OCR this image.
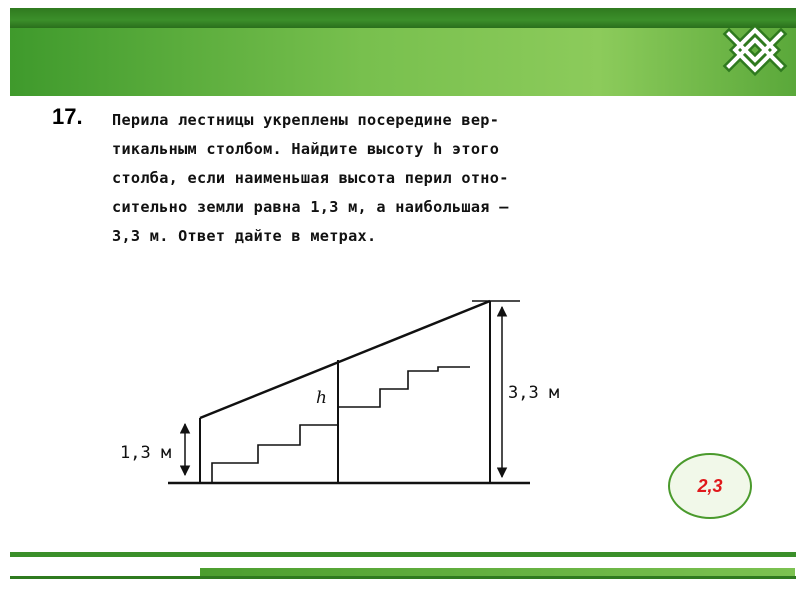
17. Перила лестницы укреплены посередине вер-
тикальным столбом. Найдите высоту h этого
столба, если наименьшая высота перил отно-
сительно земли равна 1,3 м, а наибольшая —
3,3 м. Ответ дайте в метрах.
1,3 м
3,3 м
h
2,3
